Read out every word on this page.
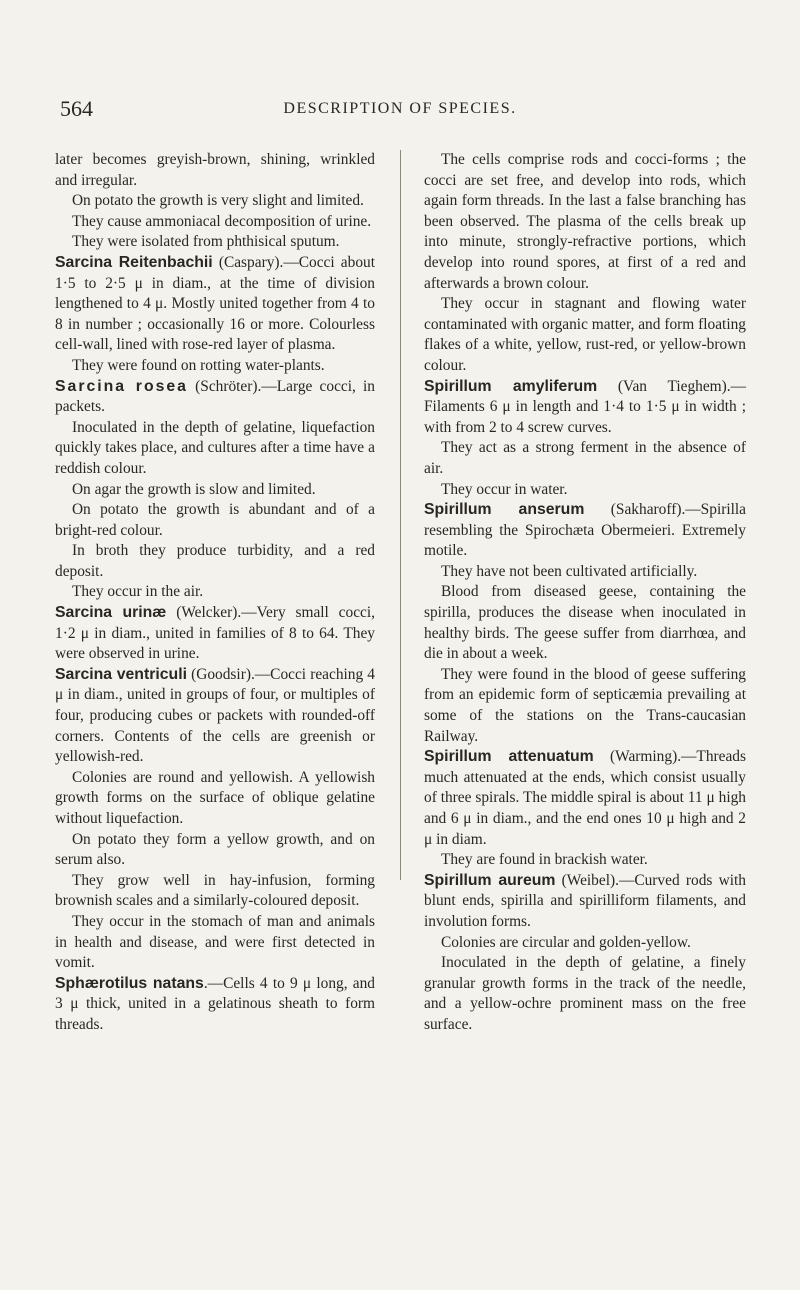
564	DESCRIPTION OF SPECIES.

later becomes greyish-brown, shining, wrinkled and irregular.

On potato the growth is very slight and limited.

They cause ammoniacal decomposition of urine.

They were isolated from phthisical sputum.

Sarcina Reitenbachii (Caspary).—Cocci about 1·5 to 2·5 μ in diam., at the time of division lengthened to 4 μ. Mostly united together from 4 to 8 in number ; occasionally 16 or more. Colourless cell-wall, lined with rose-red layer of plasma.

They were found on rotting water-plants.

Sarcina rosea (Schröter).—Large cocci, in packets.

Inoculated in the depth of gelatine, liquefaction quickly takes place, and cultures after a time have a reddish colour.

On agar the growth is slow and limited.

On potato the growth is abundant and of a bright-red colour.

In broth they produce turbidity, and a red deposit.

They occur in the air.

Sarcina urinæ (Welcker).—Very small cocci, 1·2 μ in diam., united in families of 8 to 64. They were observed in urine.

Sarcina ventriculi (Goodsir).—Cocci reaching 4 μ in diam., united in groups of four, or multiples of four, producing cubes or packets with rounded-off corners. Contents of the cells are greenish or yellowish-red.

Colonies are round and yellowish. A yellowish growth forms on the surface of oblique gelatine without liquefaction.

On potato they form a yellow growth, and on serum also.

They grow well in hay-infusion, forming brownish scales and a similarly-coloured deposit.

They occur in the stomach of man and animals in health and disease, and were first detected in vomit.

Sphærotilus natans.—Cells 4 to 9 μ long, and 3 μ thick, united in a gelatinous sheath to form threads.

The cells comprise rods and cocci-forms ; the cocci are set free, and develop into rods, which again form threads. In the last a false branching has been observed. The plasma of the cells break up into minute, strongly-refractive portions, which develop into round spores, at first of a red and afterwards a brown colour.

They occur in stagnant and flowing water contaminated with organic matter, and form floating flakes of a white, yellow, rust-red, or yellow-brown colour.

Spirillum amyliferum (Van Tieghem).—Filaments 6 μ in length and 1·4 to 1·5 μ in width ; with from 2 to 4 screw curves.

They act as a strong ferment in the absence of air.

They occur in water.

Spirillum anserum (Sakharoff).—Spirilla resembling the Spirochæta Obermeieri. Extremely motile.

They have not been cultivated artificially.

Blood from diseased geese, containing the spirilla, produces the disease when inoculated in healthy birds. The geese suffer from diarrhœa, and die in about a week.

They were found in the blood of geese suffering from an epidemic form of septicæmia prevailing at some of the stations on the Trans-caucasian Railway.

Spirillum attenuatum (Warming).—Threads much attenuated at the ends, which consist usually of three spirals. The middle spiral is about 11 μ high and 6 μ in diam., and the end ones 10 μ high and 2 μ in diam.

They are found in brackish water.

Spirillum aureum (Weibel).—Curved rods with blunt ends, spirilla and spirilliform filaments, and involution forms.

Colonies are circular and golden-yellow.

Inoculated in the depth of gelatine, a finely granular growth forms in the track of the needle, and a yellow-ochre prominent mass on the free surface.
